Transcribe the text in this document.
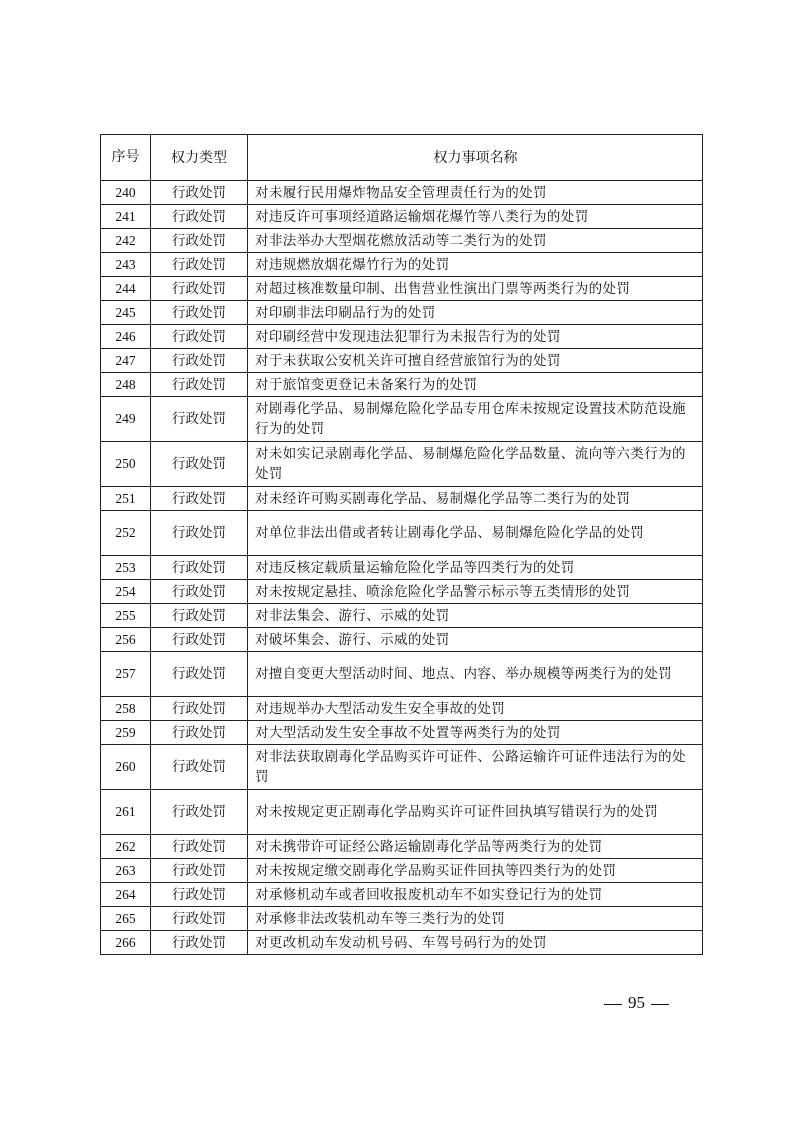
序号	权力类型	权力事项名称
240	行政处罚	对未履行民用爆炸物品安全管理责任行为的处罚
241	行政处罚	对违反许可事项经道路运输烟花爆竹等八类行为的处罚
242	行政处罚	对非法举办大型烟花燃放活动等二类行为的处罚
243	行政处罚	对违规燃放烟花爆竹行为的处罚
244	行政处罚	对超过核准数量印制、出售营业性演出门票等两类行为的处罚
245	行政处罚	对印刷非法印刷品行为的处罚
246	行政处罚	对印刷经营中发现违法犯罪行为未报告行为的处罚
247	行政处罚	对于未获取公安机关许可擅自经营旅馆行为的处罚
248	行政处罚	对于旅馆变更登记未备案行为的处罚
249	行政处罚	对剧毒化学品、易制爆危险化学品专用仓库未按规定设置技术防范设施行为的处罚
250	行政处罚	对未如实记录剧毒化学品、易制爆危险化学品数量、流向等六类行为的处罚
251	行政处罚	对未经许可购买剧毒化学品、易制爆化学品等二类行为的处罚
252	行政处罚	对单位非法出借或者转让剧毒化学品、易制爆危险化学品的处罚
253	行政处罚	对违反核定载质量运输危险化学品等四类行为的处罚
254	行政处罚	对未按规定悬挂、喷涂危险化学品警示标示等五类情形的处罚
255	行政处罚	对非法集会、游行、示威的处罚
256	行政处罚	对破坏集会、游行、示威的处罚
257	行政处罚	对擅自变更大型活动时间、地点、内容、举办规模等两类行为的处罚
258	行政处罚	对违规举办大型活动发生安全事故的处罚
259	行政处罚	对大型活动发生安全事故不处置等两类行为的处罚
260	行政处罚	对非法获取剧毒化学品购买许可证件、公路运输许可证件违法行为的处罚
261	行政处罚	对未按规定更正剧毒化学品购买许可证件回执填写错误行为的处罚
262	行政处罚	对未携带许可证经公路运输剧毒化学品等两类行为的处罚
263	行政处罚	对未按规定缴交剧毒化学品购买证件回执等四类行为的处罚
264	行政处罚	对承修机动车或者回收报废机动车不如实登记行为的处罚
265	行政处罚	对承修非法改装机动车等三类行为的处罚
266	行政处罚	对更改机动车发动机号码、车驾号码行为的处罚
95
